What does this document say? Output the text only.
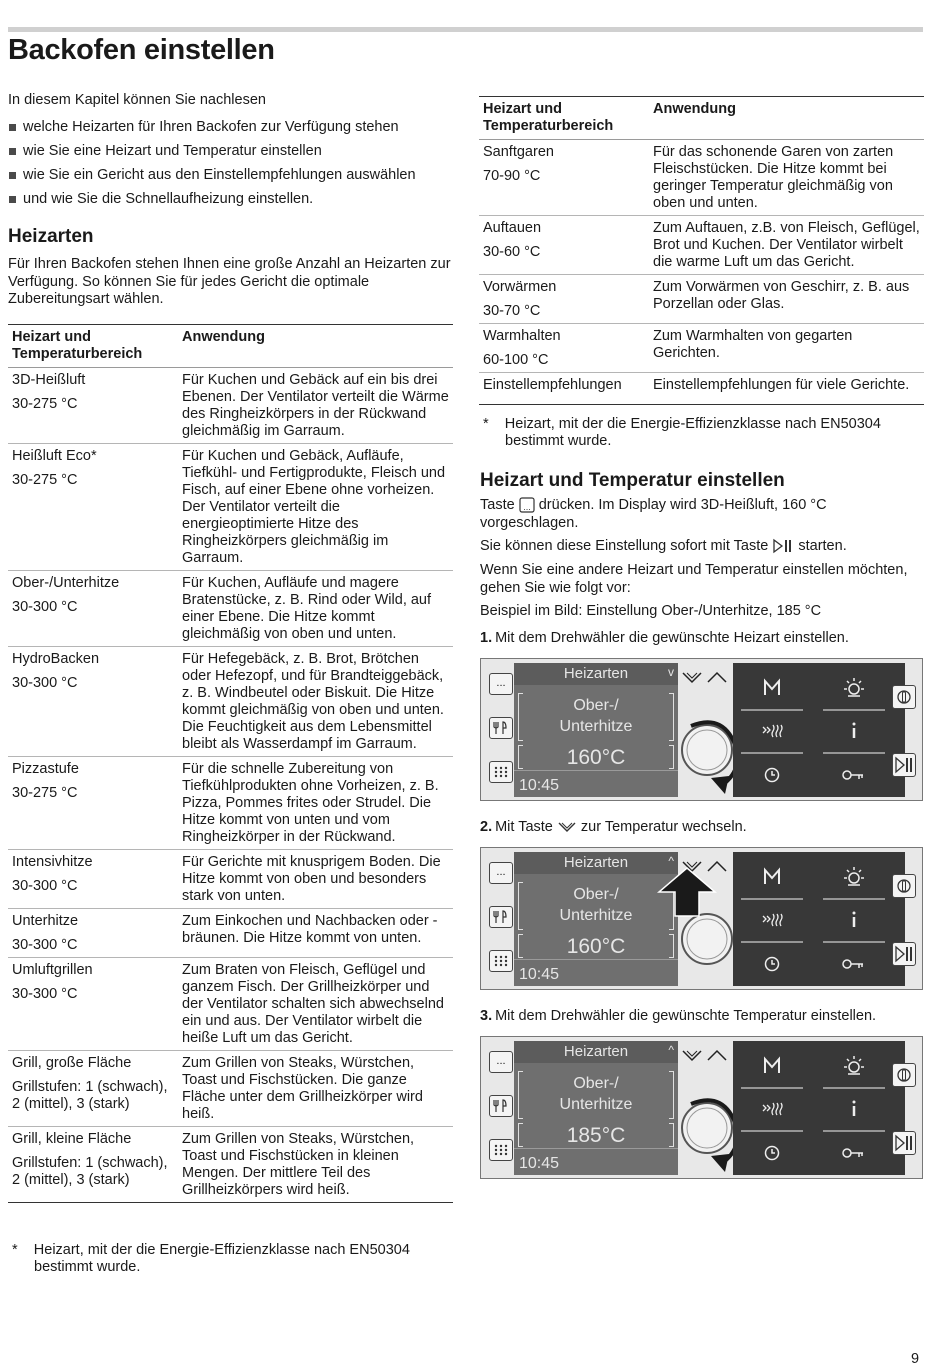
Backofen einstellen

In diesem Kapitel können Sie nachlesen

welche Heizarten für Ihren Backofen zur Verfügung stehen
wie Sie eine Heizart und Temperatur einstellen
wie Sie ein Gericht aus den Einstellempfehlungen auswählen
und wie Sie die Schnellaufheizung einstellen.
Heizarten

Für Ihren Backofen stehen Ihnen eine große Anzahl an Heizarten zur Verfügung. So können Sie für jedes Gericht die optimale Zubereitungsart wählen.

Heizart und Temperaturbereich	Anwendung
3D-Heißluft
30-275 °C	Für Kuchen und Gebäck auf ein bis drei Ebenen. Der Ventilator verteilt die Wärme des Ringheizkörpers in der Rückwand gleichmäßig im Garraum.
Heißluft Eco*
30-275 °C	Für Kuchen und Gebäck, Aufläufe, Tiefkühl- und Fertigprodukte, Fleisch und Fisch, auf einer Ebene ohne vorheizen. Der Ventilator verteilt die energieoptimierte Hitze des Ringheizkörpers gleichmäßig im Garraum.
Ober-/Unterhitze
30-300 °C	Für Kuchen, Aufläufe und magere Bratenstücke, z. B. Rind oder Wild, auf einer Ebene. Die Hitze kommt gleichmäßig von oben und unten.
HydroBacken
30-300 °C	Für Hefegebäck, z. B. Brot, Brötchen oder Hefezopf, und für Brandteiggebäck, z. B. Windbeutel oder Biskuit. Die Hitze kommt gleichmäßig von oben und unten. Die Feuchtigkeit aus dem Lebensmittel bleibt als Wasserdampf im Garraum.
Pizzastufe
30-275 °C	Für die schnelle Zubereitung von Tiefkühlprodukten ohne Vorheizen, z. B. Pizza, Pommes frites oder Strudel. Die Hitze kommt von unten und vom Ringheizkörper in der Rückwand.
Intensivhitze
30-300 °C	Für Gerichte mit knusprigem Boden. Die Hitze kommt von oben und besonders stark von unten.
Unterhitze
30-300 °C	Zum Einkochen und Nachbacken oder -bräunen. Die Hitze kommt von unten.
Umluftgrillen
30-300 °C	Zum Braten von Fleisch, Geflügel und ganzem Fisch. Der Grillheizkörper und der Ventilator schalten sich abwechselnd ein und aus. Der Ventilator wirbelt die heiße Luft um das Gericht.
Grill, große Fläche
Grillstufen: 1 (schwach), 2 (mittel), 3 (stark)	Zum Grillen von Steaks, Würstchen, Toast und Fischstücken. Die ganze Fläche unter dem Grillheizkörper wird heiß.
Grill, kleine Fläche
Grillstufen: 1 (schwach), 2 (mittel), 3 (stark)	Zum Grillen von Steaks, Würstchen, Toast und Fischstücken in kleinen Mengen. Der mittlere Teil des Grillheizkörpers wird heiß.
* Heizart, mit der die Energie-Effizienzklasse nach EN50304 bestimmt wurde.
Heizart und Temperaturbereich	Anwendung
Sanftgaren
70-90 °C	Für das schonende Garen von zarten Fleischstücken. Die Hitze kommt bei geringer Temperatur gleichmäßig von oben und unten.
Auftauen
30-60 °C	Zum Auftauen, z.B. von Fleisch, Geflügel, Brot und Kuchen. Der Ventilator wirbelt die warme Luft um das Gericht.
Vorwärmen
30-70 °C	Zum Vorwärmen von Geschirr, z. B. aus Porzellan oder Glas.
Warmhalten
60-100 °C	Zum Warmhalten von gegarten Gerichten.
Einstellempfehlungen	Einstellempfehlungen für viele Gerichte.
* Heizart, mit der die Energie-Effizienzklasse nach EN50304 bestimmt wurde.
Heizart und Temperatur einstellen

Taste ... drücken. Im Display wird 3D-Heißluft, 160 °C vorgeschlagen.

Sie können diese Einstellung sofort mit Taste starten.

Wenn Sie eine andere Heizart und Temperatur einstellen möchten, gehen Sie wie folgt vor:

Beispiel im Bild: Einstellung Ober-/Unterhitze, 185 °C

1. Mit dem Drehwähler die gewünschte Heizart einstellen.
2. Mit Taste zur Temperatur wechseln.
3. Mit dem Drehwähler die gewünschte Temperatur einstellen.
...
Heizarten	v
Ober-/
Unterhitze
160°C
10:45
...
Heizarten	^
Ober-/
Unterhitze
160°C
10:45
...
Heizarten	^
Ober-/
Unterhitze
185°C
10:45
9
